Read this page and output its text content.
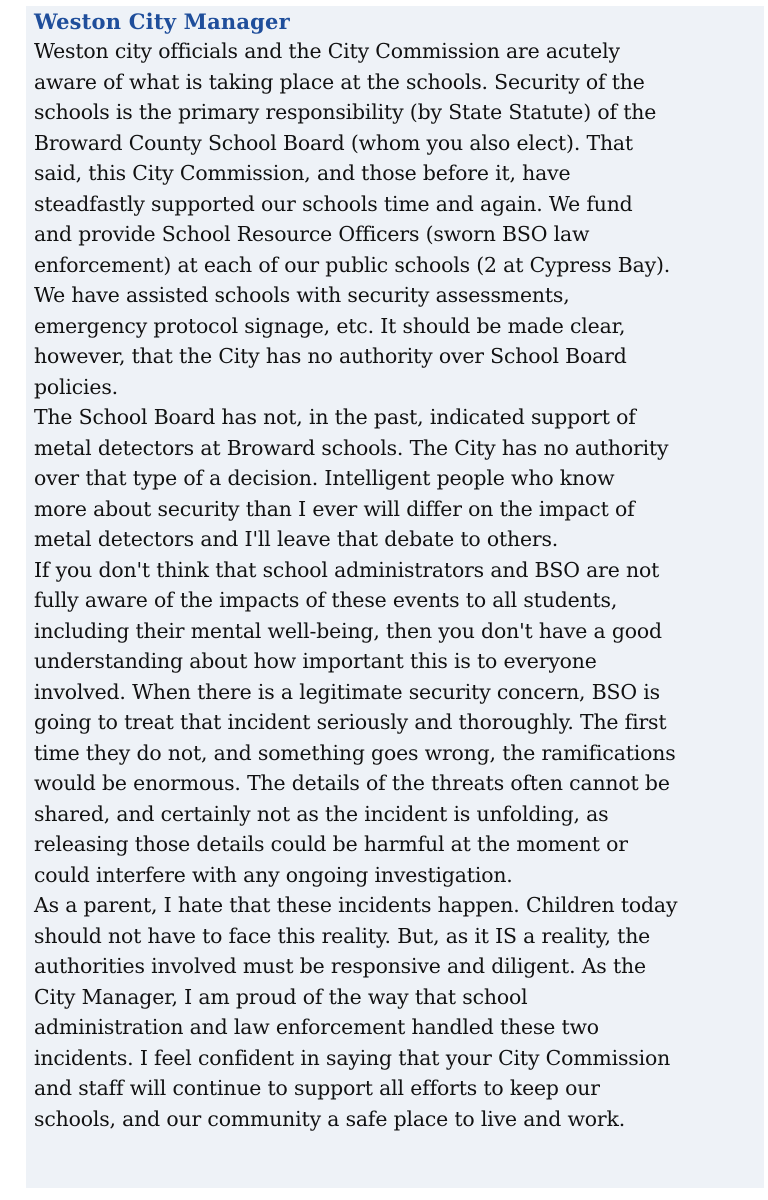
Weston City Manager

Weston city officials and the City Commission are acutely
aware of what is taking place at the schools. Security of the
schools is the primary responsibility (by State Statute) of the
Broward County School Board (whom you also elect). That
said, this City Commission, and those before it, have
steadfastly supported our schools time and again. We fund
and provide School Resource Officers (sworn BSO law
enforcement) at each of our public schools (2 at Cypress Bay).
We have assisted schools with security assessments,
emergency protocol signage, etc. It should be made clear,
however, that the City has no authority over School Board
policies.

The School Board has not, in the past, indicated support of
metal detectors at Broward schools. The City has no authority
over that type of a decision. Intelligent people who know
more about security than I ever will differ on the impact of
metal detectors and I'll leave that debate to others.

If you don't think that school administrators and BSO are not
fully aware of the impacts of these events to all students,
including their mental well-being, then you don't have a good
understanding about how important this is to everyone
involved. When there is a legitimate security concern, BSO is
going to treat that incident seriously and thoroughly. The first
time they do not, and something goes wrong, the ramifications
would be enormous. The details of the threats often cannot be
shared, and certainly not as the incident is unfolding, as
releasing those details could be harmful at the moment or
could interfere with any ongoing investigation.

As a parent, I hate that these incidents happen. Children today
should not have to face this reality. But, as it IS a reality, the
authorities involved must be responsive and diligent. As the
City Manager, I am proud of the way that school
administration and law enforcement handled these two
incidents. I feel confident in saying that your City Commission
and staff will continue to support all efforts to keep our
schools, and our community a safe place to live and work.
